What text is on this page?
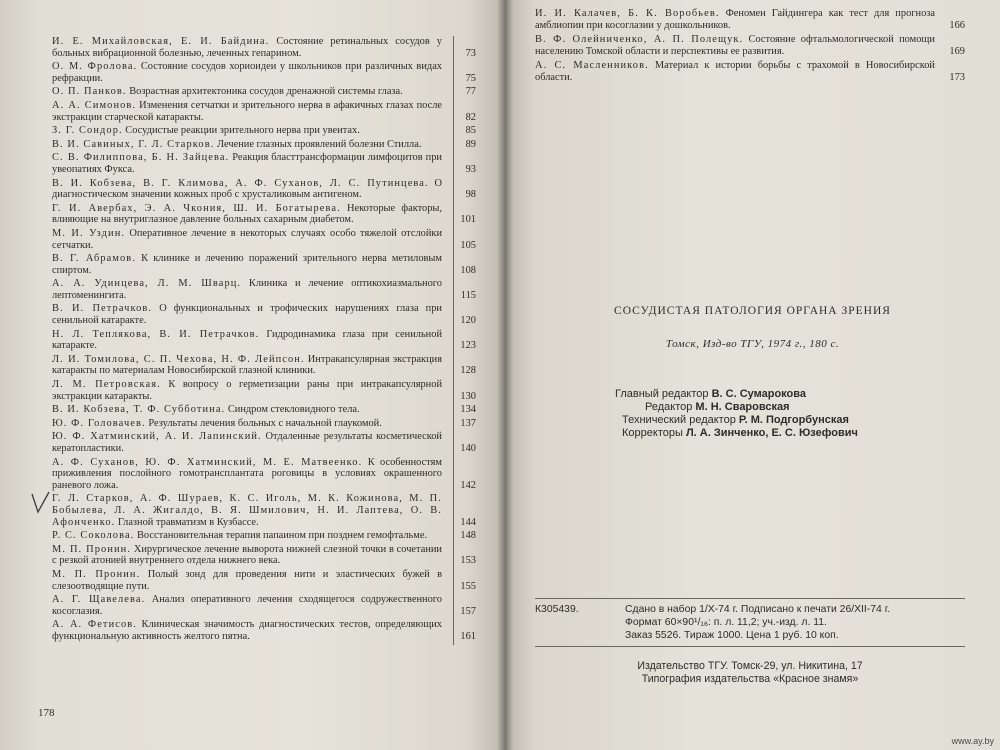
И. Е. Михайловская, Е. И. Байдина. Состояние ретинальных сосудов у больных вибрационной болезнью, леченных гепарином.	73
О. М. Фролова. Состояние сосудов хориоидеи у школьников при различных видах рефракции.	75
О. П. Панков. Возрастная архитектоника сосудов дренажной системы глаза.	77
А. А. Симонов. Изменения сетчатки и зрительного нерва в афакичных глазах после экстракции старческой катаракты.	82
З. Г. Сондор. Сосудистые реакции зрительного нерва при увеитах.	85
В. И. Савиных, Г. Л. Старков. Лечение глазных проявлений болезни Стилла.	89
С. В. Филиппова, Б. Н. Зайцева. Реакция бласттрансформации лимфоцитов при увеопатиях Фукса.	93
В. И. Кобзева, В. Г. Климова, А. Ф. Суханов, Л. С. Путинцева. О диагностическом значении кожных проб с хрусталиковым антигеном.	98
Г. И. Авербах, Э. А. Чкония, Ш. И. Богатырева. Некоторые факторы, влияющие на внутриглазное давление больных сахарным диабетом.	101
М. И. Уздин. Оперативное лечение в некоторых случаях особо тяжелой отслойки сетчатки.	105
В. Г. Абрамов. К клинике и лечению поражений зрительного нерва метиловым спиртом.	108
А. А. Удинцева, Л. М. Шварц. Клиника и лечение оптикохиазмального лептоменингита.	115
В. И. Петрачков. О функциональных и трофических нарушениях глаза при сенильной катаракте.	120
Н. Л. Теплякова, В. И. Петрачков. Гидродинамика глаза при сенильной катаракте.	123
Л. И. Томилова, С. П. Чехова, Н. Ф. Лейпсон. Интракапсулярная экстракция катаракты по материалам Новосибирской глазной клиники.	128
Л. М. Петровская. К вопросу о герметизации раны при интракапсулярной экстракции катаракты.	130
В. И. Кобзева, Т. Ф. Субботина. Синдром стекловидного тела.	134
Ю. Ф. Головачев. Результаты лечения больных с начальной глаукомой.	137
Ю. Ф. Хатминский, А. И. Лапинский. Отдаленные результаты косметической кератопластики.	140
А. Ф. Суханов, Ю. Ф. Хатминский, М. Е. Матвеенко. К особенностям приживления послойного гомотрансплантата роговицы в условиях окрашенного раневого ложа.	142
Г. Л. Старков, А. Ф. Шураев, К. С. Иголь, М. К. Кожинова, М. П. Бобылева, Л. А. Жигалдо, В. Я. Шмилович, Н. И. Лаптева, О. В. Афонченко. Глазной травматизм в Кузбассе.	144
Р. С. Соколова. Восстановительная терапия папаином при позднем гемофтальме.	148
М. П. Пронин. Хирургическое лечение выворота нижней слезной точки в сочетании с резкой атонией внутреннего отдела нижнего века.	153
М. П. Пронин. Полый зонд для проведения нити и эластических бужей в слезоотводящие пути.	155
А. Г. Щавелева. Анализ оперативного лечения сходящегося содружественного косоглазия.	157
А. А. Фетисов. Клиническая значимость диагностических тестов, определяющих функциональную активность желтого пятна.	161
178
И. И. Калачев, Б. К. Воробьев. Феномен Гайдингера как тест для прогноза амблиопии при косоглазии у дошкольников.	166
В. Ф. Олейниченко, А. П. Полещук. Состояние офтальмологической помощи населению Томской области и перспективы ее развития.	169
А. С. Масленников. Материал к истории борьбы с трахомой в Новосибирской области.	173
СОСУДИСТАЯ ПАТОЛОГИЯ ОРГАНА ЗРЕНИЯ
Томск, Изд-во ТГУ, 1974 г., 180 с.
Главный редактор В. С. Сумарокова
Редактор М. Н. Сваровская
Технический редактор Р. М. Подгорбунская
Корректоры Л. А. Зинченко, Е. С. Юзефович
К305439.	Сдано в набор 1/Х-74 г. Подписано к печати 26/XII-74 г.
Формат 60×90¹/₁₆: п. л. 11,2; уч.-изд. л. 11.
Заказ 5526. Тираж 1000. Цена 1 руб. 10 коп.
Издательство ТГУ. Томск-29, ул. Никитина, 17
Типография издательства «Красное знамя»
www.ay.by
